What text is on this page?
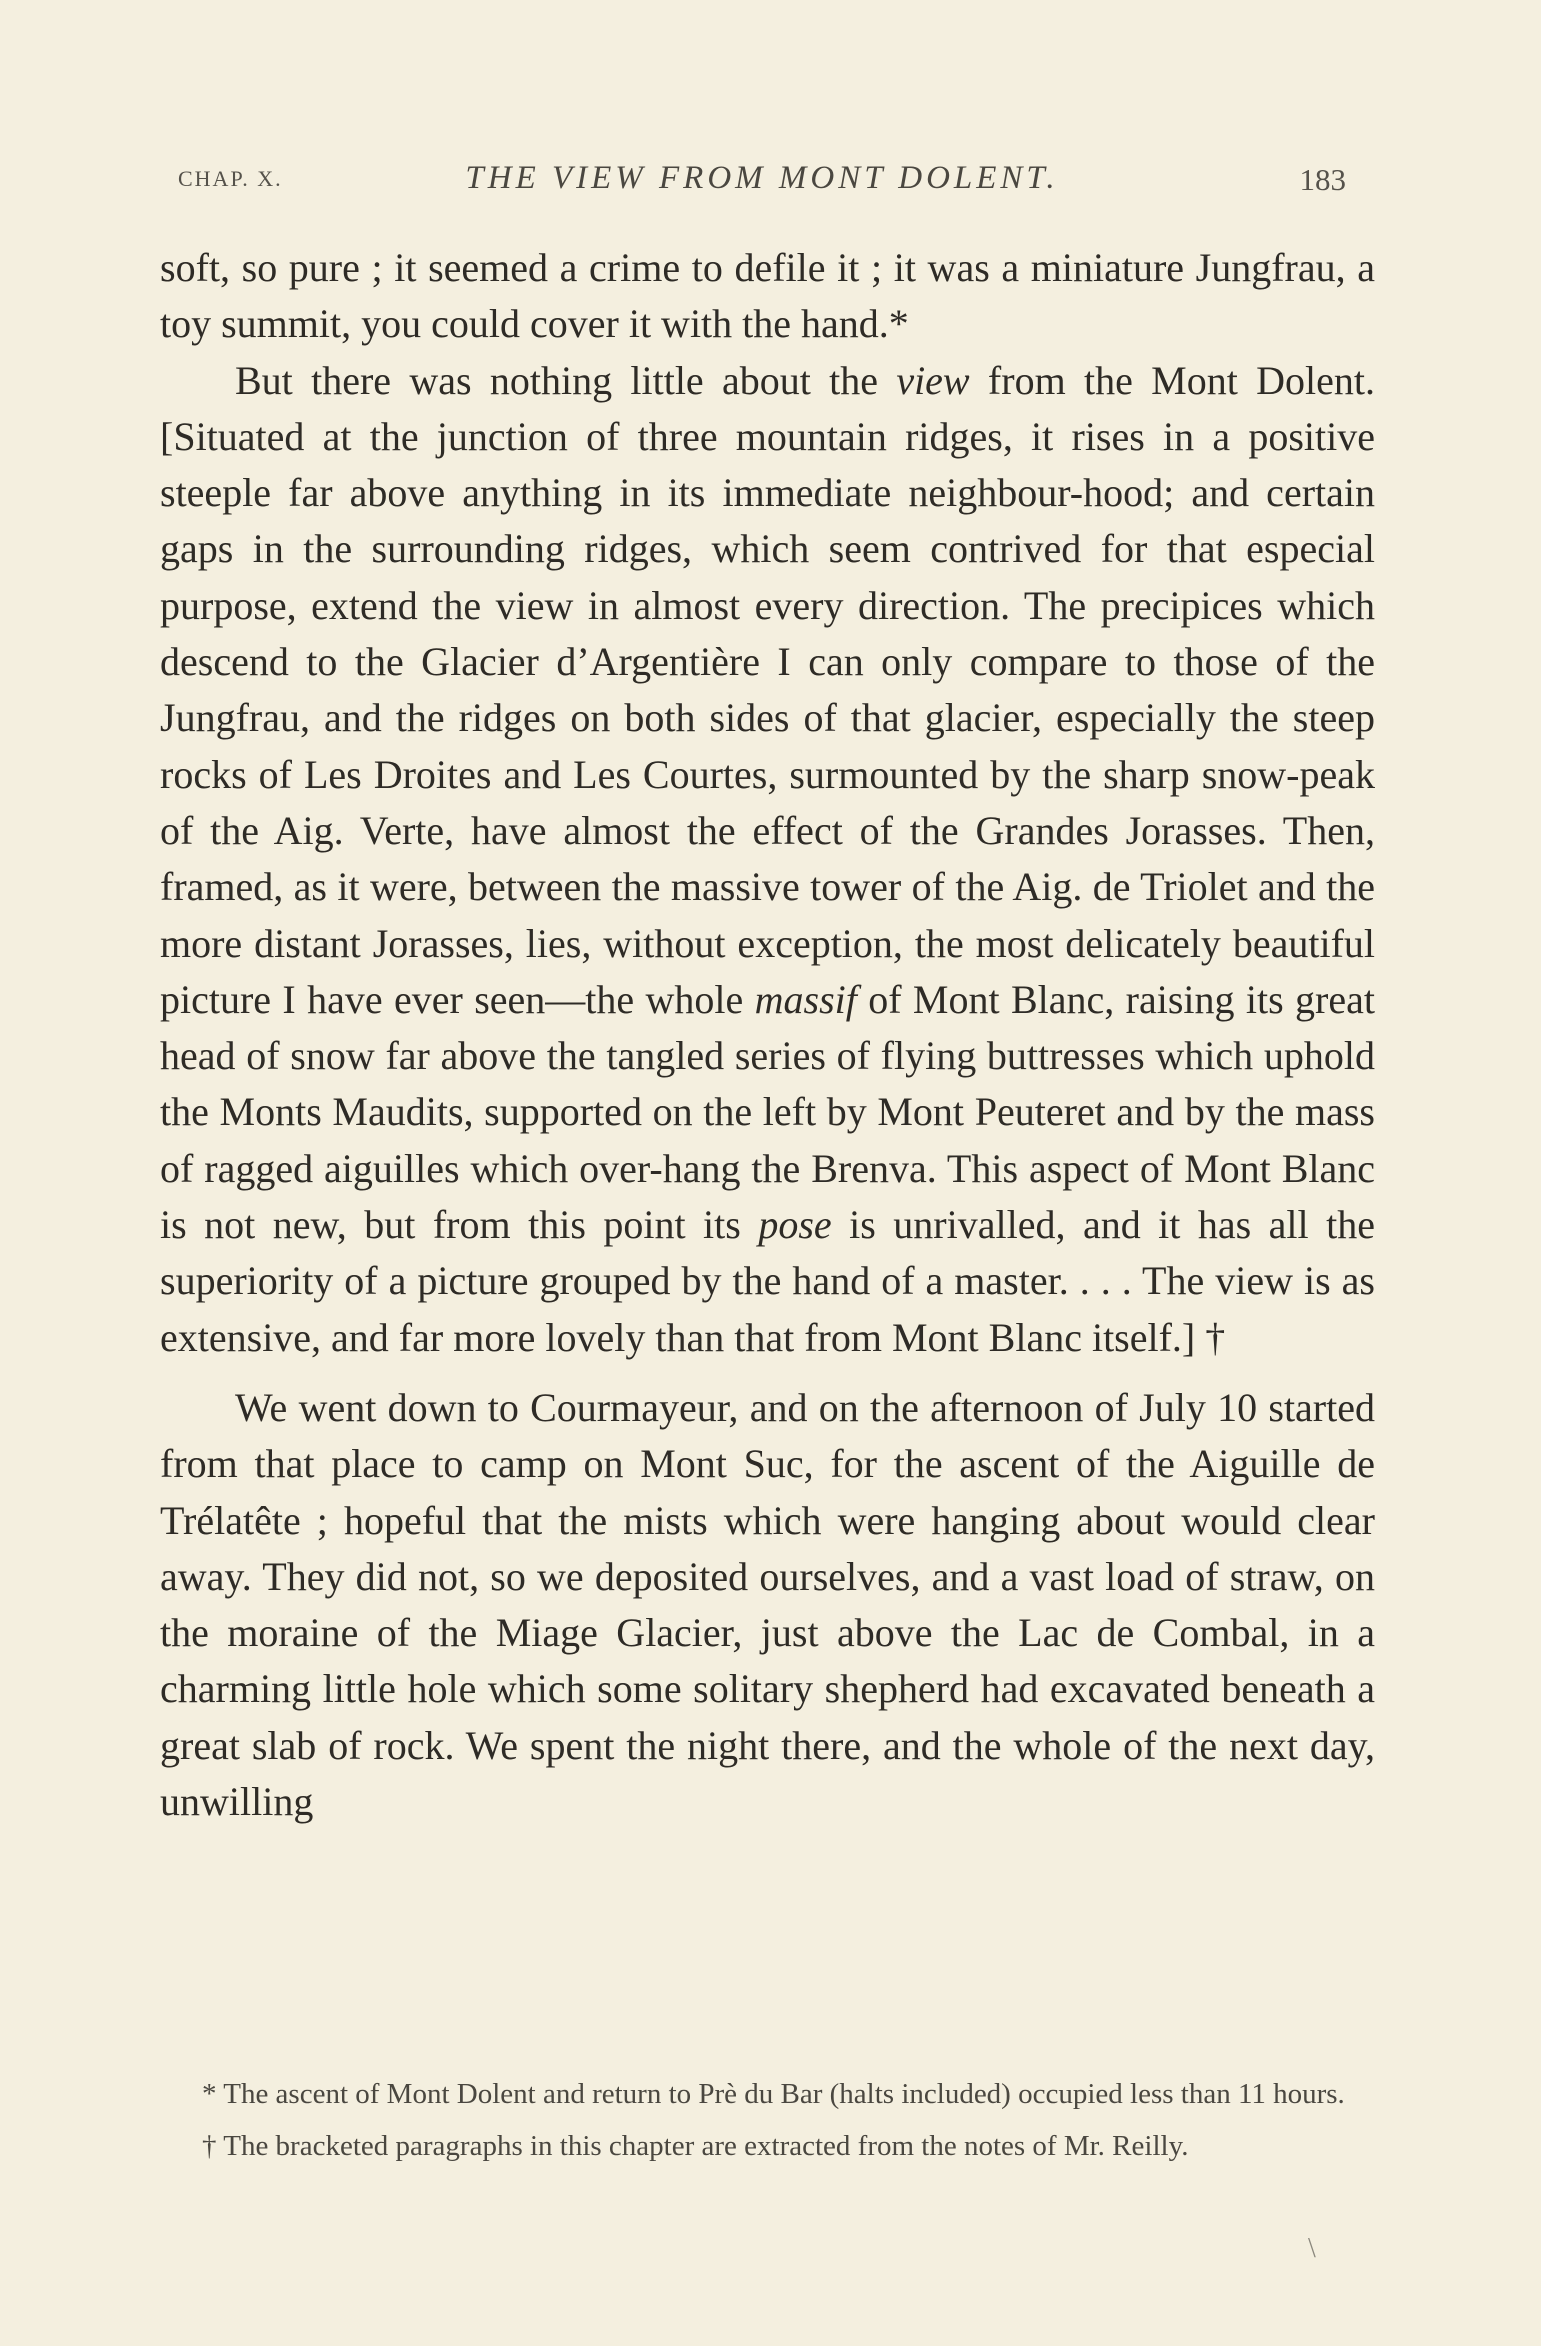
CHAP. X.	THE VIEW FROM MONT DOLENT.	183

soft, so pure ; it seemed a crime to defile it ; it was a miniature Jungfrau, a toy summit, you could cover it with the hand.*

But there was nothing little about the view from the Mont Dolent. [Situated at the junction of three mountain ridges, it rises in a positive steeple far above anything in its immediate neighbour-hood; and certain gaps in the surrounding ridges, which seem contrived for that especial purpose, extend the view in almost every direction. The precipices which descend to the Glacier d’Argentière I can only compare to those of the Jungfrau, and the ridges on both sides of that glacier, especially the steep rocks of Les Droites and Les Courtes, surmounted by the sharp snow-peak of the Aig. Verte, have almost the effect of the Grandes Jorasses. Then, framed, as it were, between the massive tower of the Aig. de Triolet and the more distant Jorasses, lies, without exception, the most delicately beautiful picture I have ever seen—the whole massif of Mont Blanc, raising its great head of snow far above the tangled series of flying buttresses which uphold the Monts Maudits, supported on the left by Mont Peuteret and by the mass of ragged aiguilles which over-hang the Brenva. This aspect of Mont Blanc is not new, but from this point its pose is unrivalled, and it has all the superiority of a picture grouped by the hand of a master. . . . The view is as extensive, and far more lovely than that from Mont Blanc itself.] †

We went down to Courmayeur, and on the afternoon of July 10 started from that place to camp on Mont Suc, for the ascent of the Aiguille de Trélatête ; hopeful that the mists which were hanging about would clear away. They did not, so we deposited ourselves, and a vast load of straw, on the moraine of the Miage Glacier, just above the Lac de Combal, in a charming little hole which some solitary shepherd had excavated beneath a great slab of rock. We spent the night there, and the whole of the next day, unwilling

* The ascent of Mont Dolent and return to Prè du Bar (halts included) occupied less than 11 hours.

† The bracketed paragraphs in this chapter are extracted from the notes of Mr. Reilly.

\
